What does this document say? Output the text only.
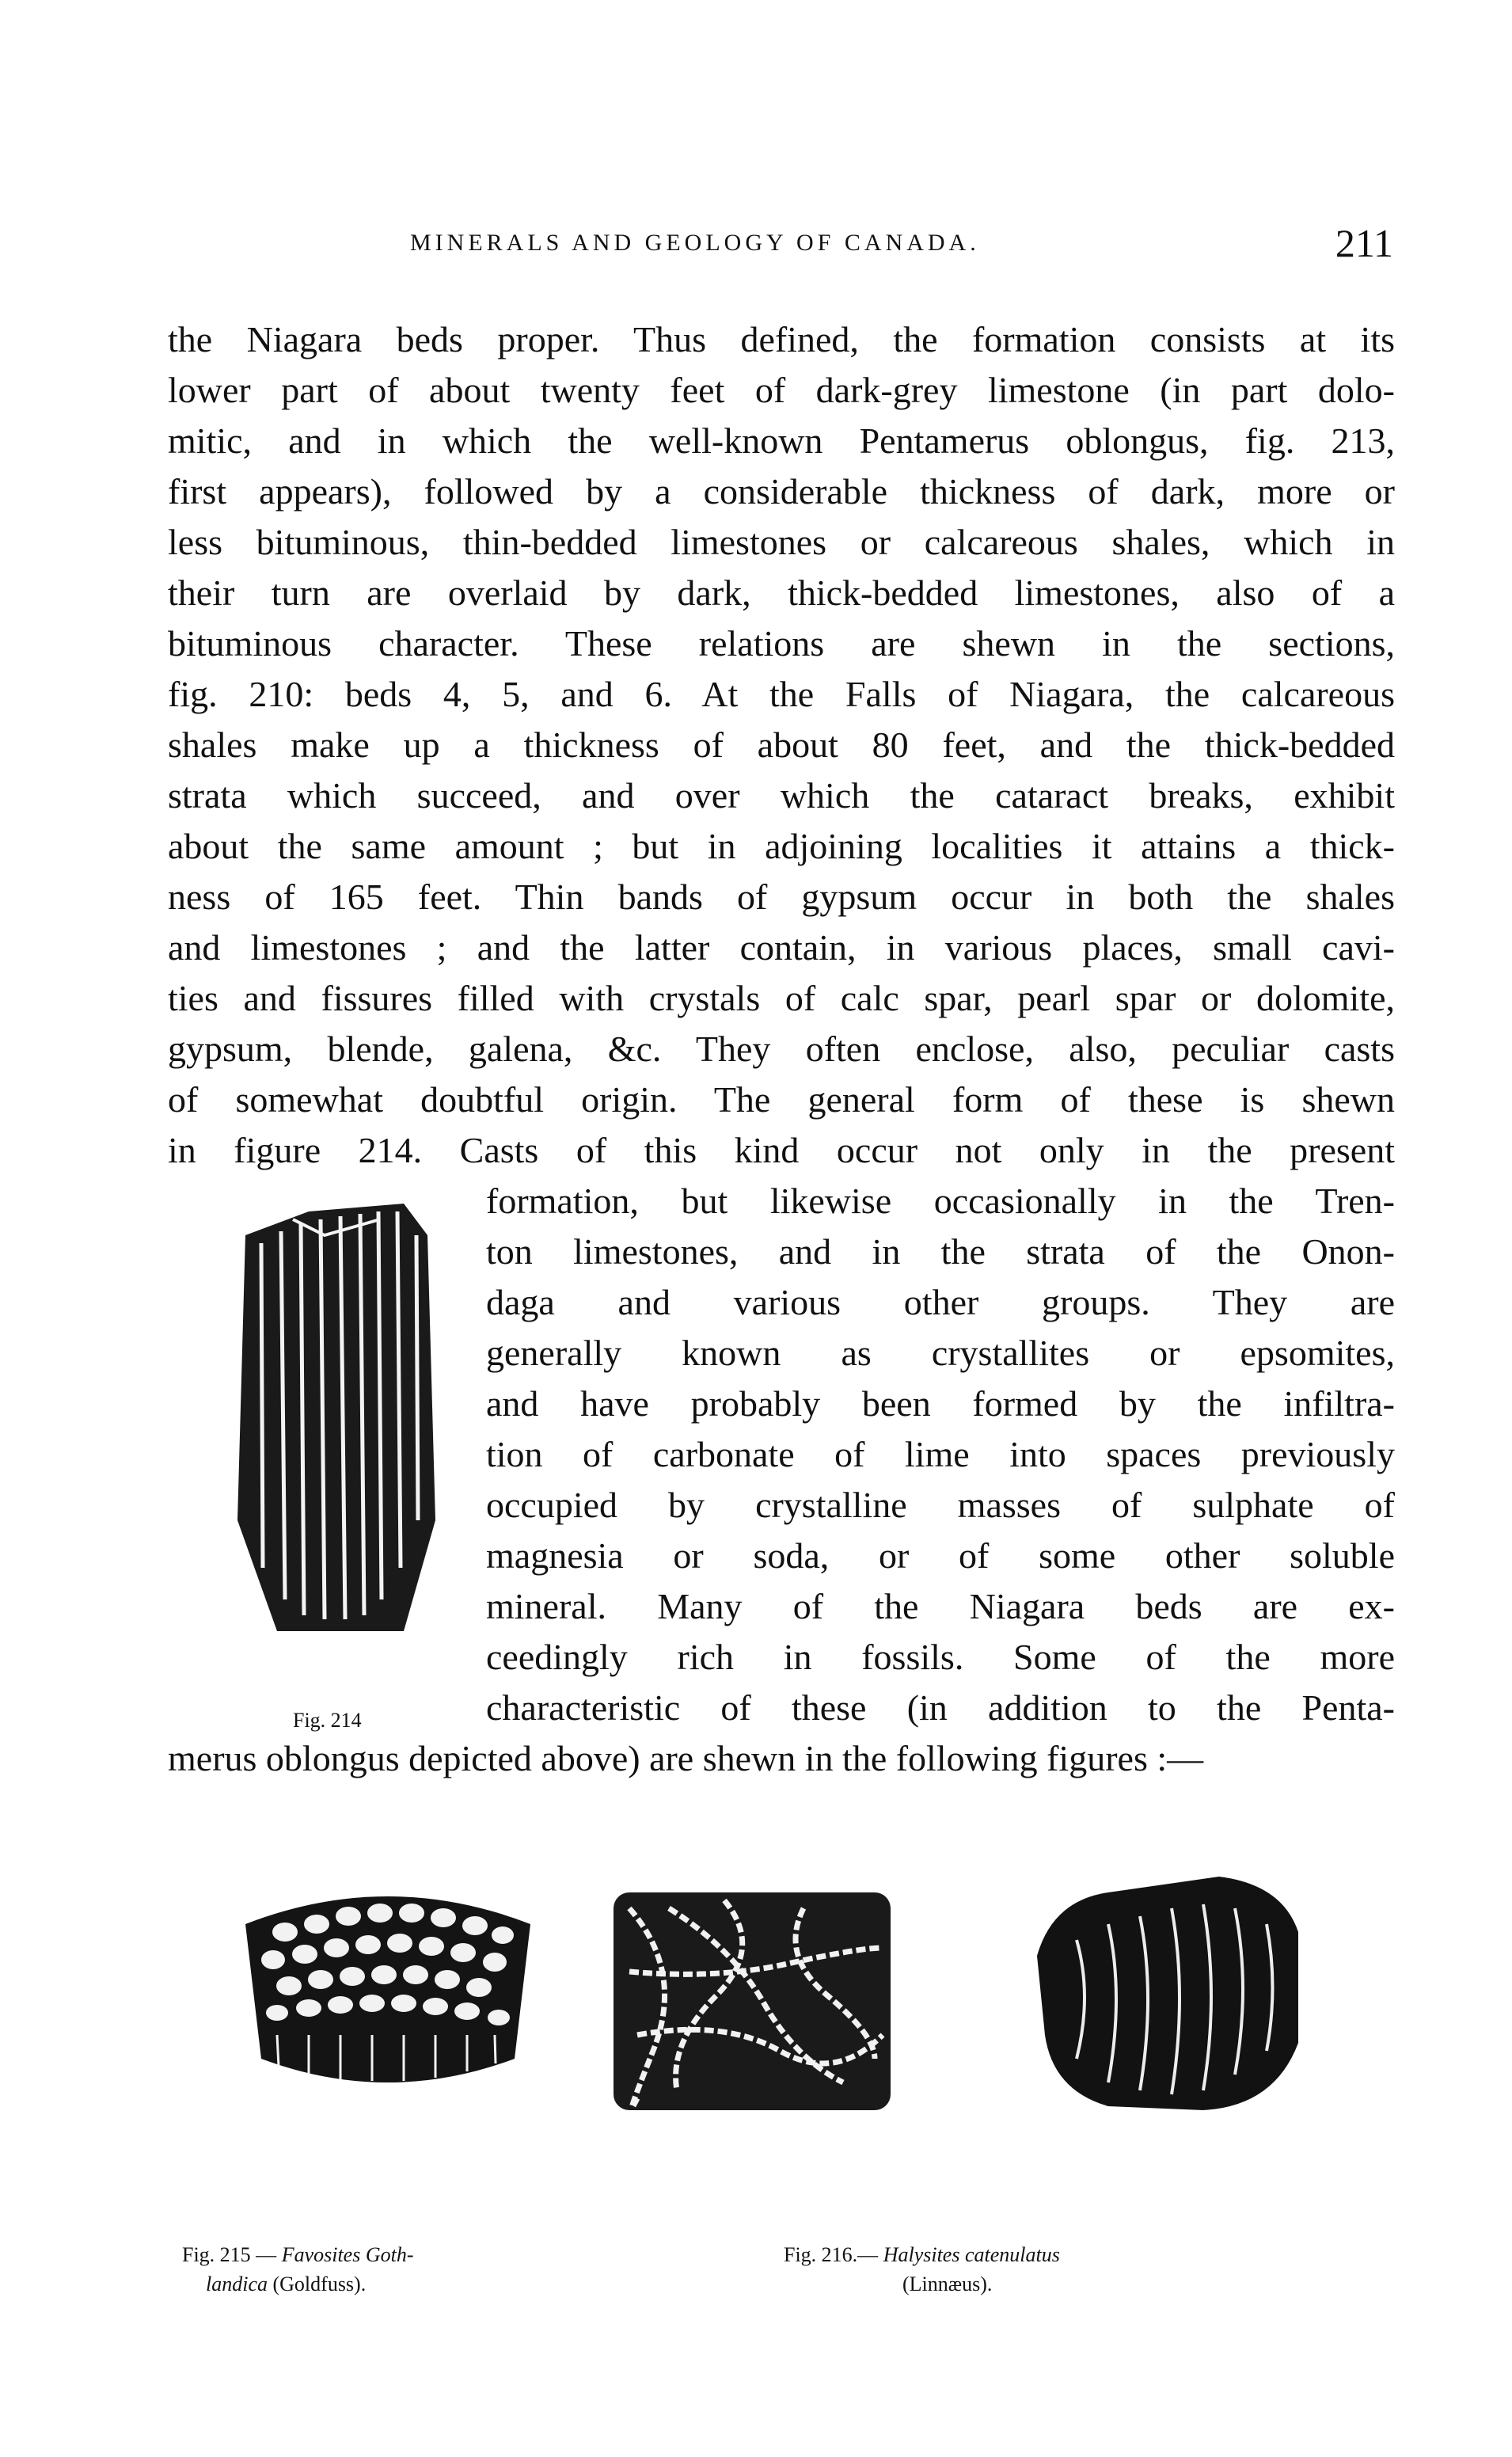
MINERALS AND GEOLOGY OF CANADA.	211
the Niagara beds proper. Thus defined, the formation consists at its
lower part of about twenty feet of dark-grey limestone (in part dolo-
mitic, and in which the well-known Pentamerus oblongus, fig. 213,
first appears), followed by a considerable thickness of dark, more or
less bituminous, thin-bedded limestones or calcareous shales, which in
their turn are overlaid by dark, thick-bedded limestones, also of a
bituminous character. These relations are shewn in the sections,
fig. 210: beds 4, 5, and 6. At the Falls of Niagara, the calcareous
shales make up a thickness of about 80 feet, and the thick-bedded
strata which succeed, and over which the cataract breaks, exhibit
about the same amount ; but in adjoining localities it attains a thick-
ness of 165 feet. Thin bands of gypsum occur in both the shales
and limestones ; and the latter contain, in various places, small cavi-
ties and fissures filled with crystals of calc spar, pearl spar or dolomite,
gypsum, blende, galena, &c. They often enclose, also, peculiar casts
of somewhat doubtful origin. The general form of these is shewn
in figure 214. Casts of this kind occur not only in the present
formation, but likewise occasionally in the Tren-
ton limestones, and in the strata of the Onon-
daga and various other groups. They are
generally known as crystallites or epsomites,
and have probably been formed by the infiltra-
tion of carbonate of lime into spaces previously
occupied by crystalline masses of sulphate of
magnesia or soda, or of some other soluble
mineral. Many of the Niagara beds are ex-
ceedingly rich in fossils. Some of the more
characteristic of these (in addition to the Penta-
merus oblongus depicted above) are shewn in the following figures :—
Fig. 214
Fig. 215 — Favosites Goth-
landica (Goldfuss).
Fig. 216.— Halysites catenulatus
(Linnæus).
